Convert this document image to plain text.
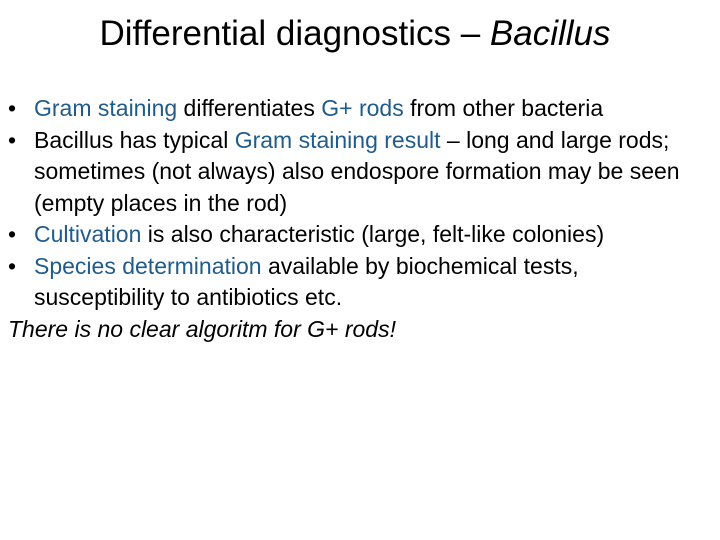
Differential diagnostics – Bacillus

• Gram staining differentiates G+ rods from other bacteria

• Bacillus has typical Gram staining result – long and large rods; sometimes (not always) also endospore formation may be seen (empty places in the rod)

• Cultivation is also characteristic (large, felt-like colonies)

• Species determination available by biochemical tests, susceptibility to antibiotics etc.

There is no clear algoritm for G+ rods!
